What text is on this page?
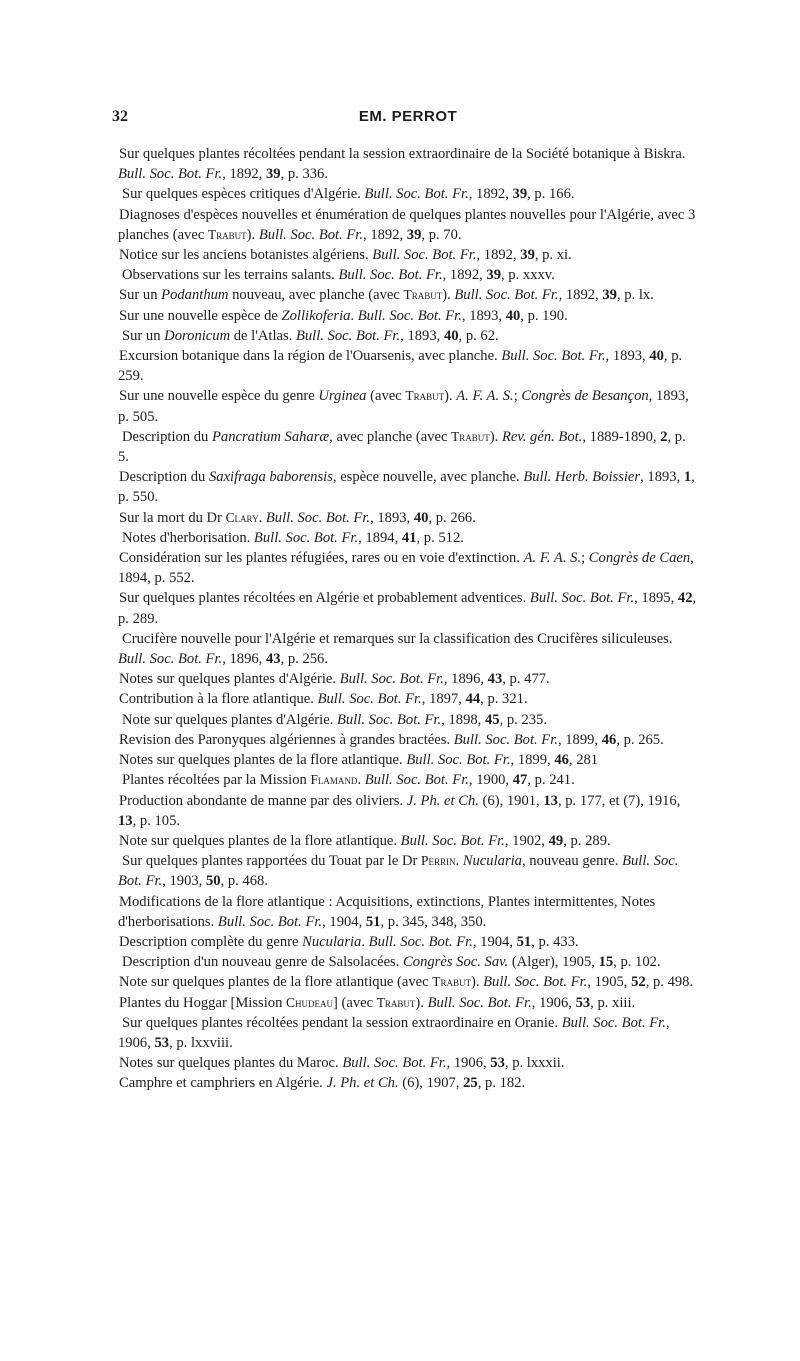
32	EM. PERROT
Sur quelques plantes récoltées pendant la session extraordinaire de la Société botanique à Biskra. Bull. Soc. Bot. Fr., 1892, 39, p. 336.
Sur quelques espèces critiques d'Algérie. Bull. Soc. Bot. Fr., 1892, 39, p. 166.
Diagnoses d'espèces nouvelles et énumération de quelques plantes nouvelles pour l'Algérie, avec 3 planches (avec Trabut). Bull. Soc. Bot. Fr., 1892, 39, p. 70.
Notice sur les anciens botanistes algériens. Bull. Soc. Bot. Fr., 1892, 39, p. xi.
Observations sur les terrains salants. Bull. Soc. Bot. Fr., 1892, 39, p. xxxv.
Sur un Podanthum nouveau, avec planche (avec Trabut). Bull. Soc. Bot. Fr., 1892, 39, p. lx.
Sur une nouvelle espèce de Zollikoferia. Bull. Soc. Bot. Fr., 1893, 40, p. 190.
Sur un Doronicum de l'Atlas. Bull. Soc. Bot. Fr., 1893, 40, p. 62.
Excursion botanique dans la région de l'Ouarsenis, avec planche. Bull. Soc. Bot. Fr., 1893, 40, p. 259.
Sur une nouvelle espèce du genre Urginea (avec Trabut). A. F. A. S.; Congrès de Besançon, 1893, p. 505.
Description du Pancratium Saharæ, avec planche (avec Trabut). Rev. gén. Bot., 1889-1890, 2, p. 5.
Description du Saxifraga baborensis, espèce nouvelle, avec planche. Bull. Herb. Boissier, 1893, 1, p. 550.
Sur la mort du Dr Clary. Bull. Soc. Bot. Fr., 1893, 40, p. 266.
Notes d'herborisation. Bull. Soc. Bot. Fr., 1894, 41, p. 512.
Considération sur les plantes réfugiées, rares ou en voie d'extinction. A. F. A. S.; Congrès de Caen, 1894, p. 552.
Sur quelques plantes récoltées en Algérie et probablement adventices. Bull. Soc. Bot. Fr., 1895, 42, p. 289.
Crucifère nouvelle pour l'Algérie et remarques sur la classification des Crucifères siliculeuses. Bull. Soc. Bot. Fr., 1896, 43, p. 256.
Notes sur quelques plantes d'Algérie. Bull. Soc. Bot. Fr., 1896, 43, p. 477.
Contribution à la flore atlantique. Bull. Soc. Bot. Fr., 1897, 44, p. 321.
Note sur quelques plantes d'Algérie. Bull. Soc. Bot. Fr., 1898, 45, p. 235.
Revision des Paronyques algériennes à grandes bractées. Bull. Soc. Bot. Fr., 1899, 46, p. 265.
Notes sur quelques plantes de la flore atlantique. Bull. Soc. Bot. Fr., 1899, 46, 281
Plantes récoltées par la Mission Flamand. Bull. Soc. Bot. Fr., 1900, 47, p. 241.
Production abondante de manne par des oliviers. J. Ph. et Ch. (6), 1901, 13, p. 177, et (7), 1916, 13, p. 105.
Note sur quelques plantes de la flore atlantique. Bull. Soc. Bot. Fr., 1902, 49, p. 289.
Sur quelques plantes rapportées du Touat par le Dr Perrin. Nucularia, nouveau genre. Bull. Soc. Bot. Fr., 1903, 50, p. 468.
Modifications de la flore atlantique : Acquisitions, extinctions, Plantes intermittentes, Notes d'herborisations. Bull. Soc. Bot. Fr., 1904, 51, p. 345, 348, 350.
Description complète du genre Nucularia. Bull. Soc. Bot. Fr., 1904, 51, p. 433.
Description d'un nouveau genre de Salsolacées. Congrès Soc. Sav. (Alger), 1905, 15, p. 102.
Note sur quelques plantes de la flore atlantique (avec Trabut). Bull. Soc. Bot. Fr., 1905, 52, p. 498.
Plantes du Hoggar [Mission Chudeau] (avec Trabut). Bull. Soc. Bot. Fr., 1906, 53, p. xiii.
Sur quelques plantes récoltées pendant la session extraordinaire en Oranie. Bull. Soc. Bot. Fr., 1906, 53, p. lxxviii.
Notes sur quelques plantes du Maroc. Bull. Soc. Bot. Fr., 1906, 53, p. lxxxii.
Camphre et camphriers en Algérie. J. Ph. et Ch. (6), 1907, 25, p. 182.
